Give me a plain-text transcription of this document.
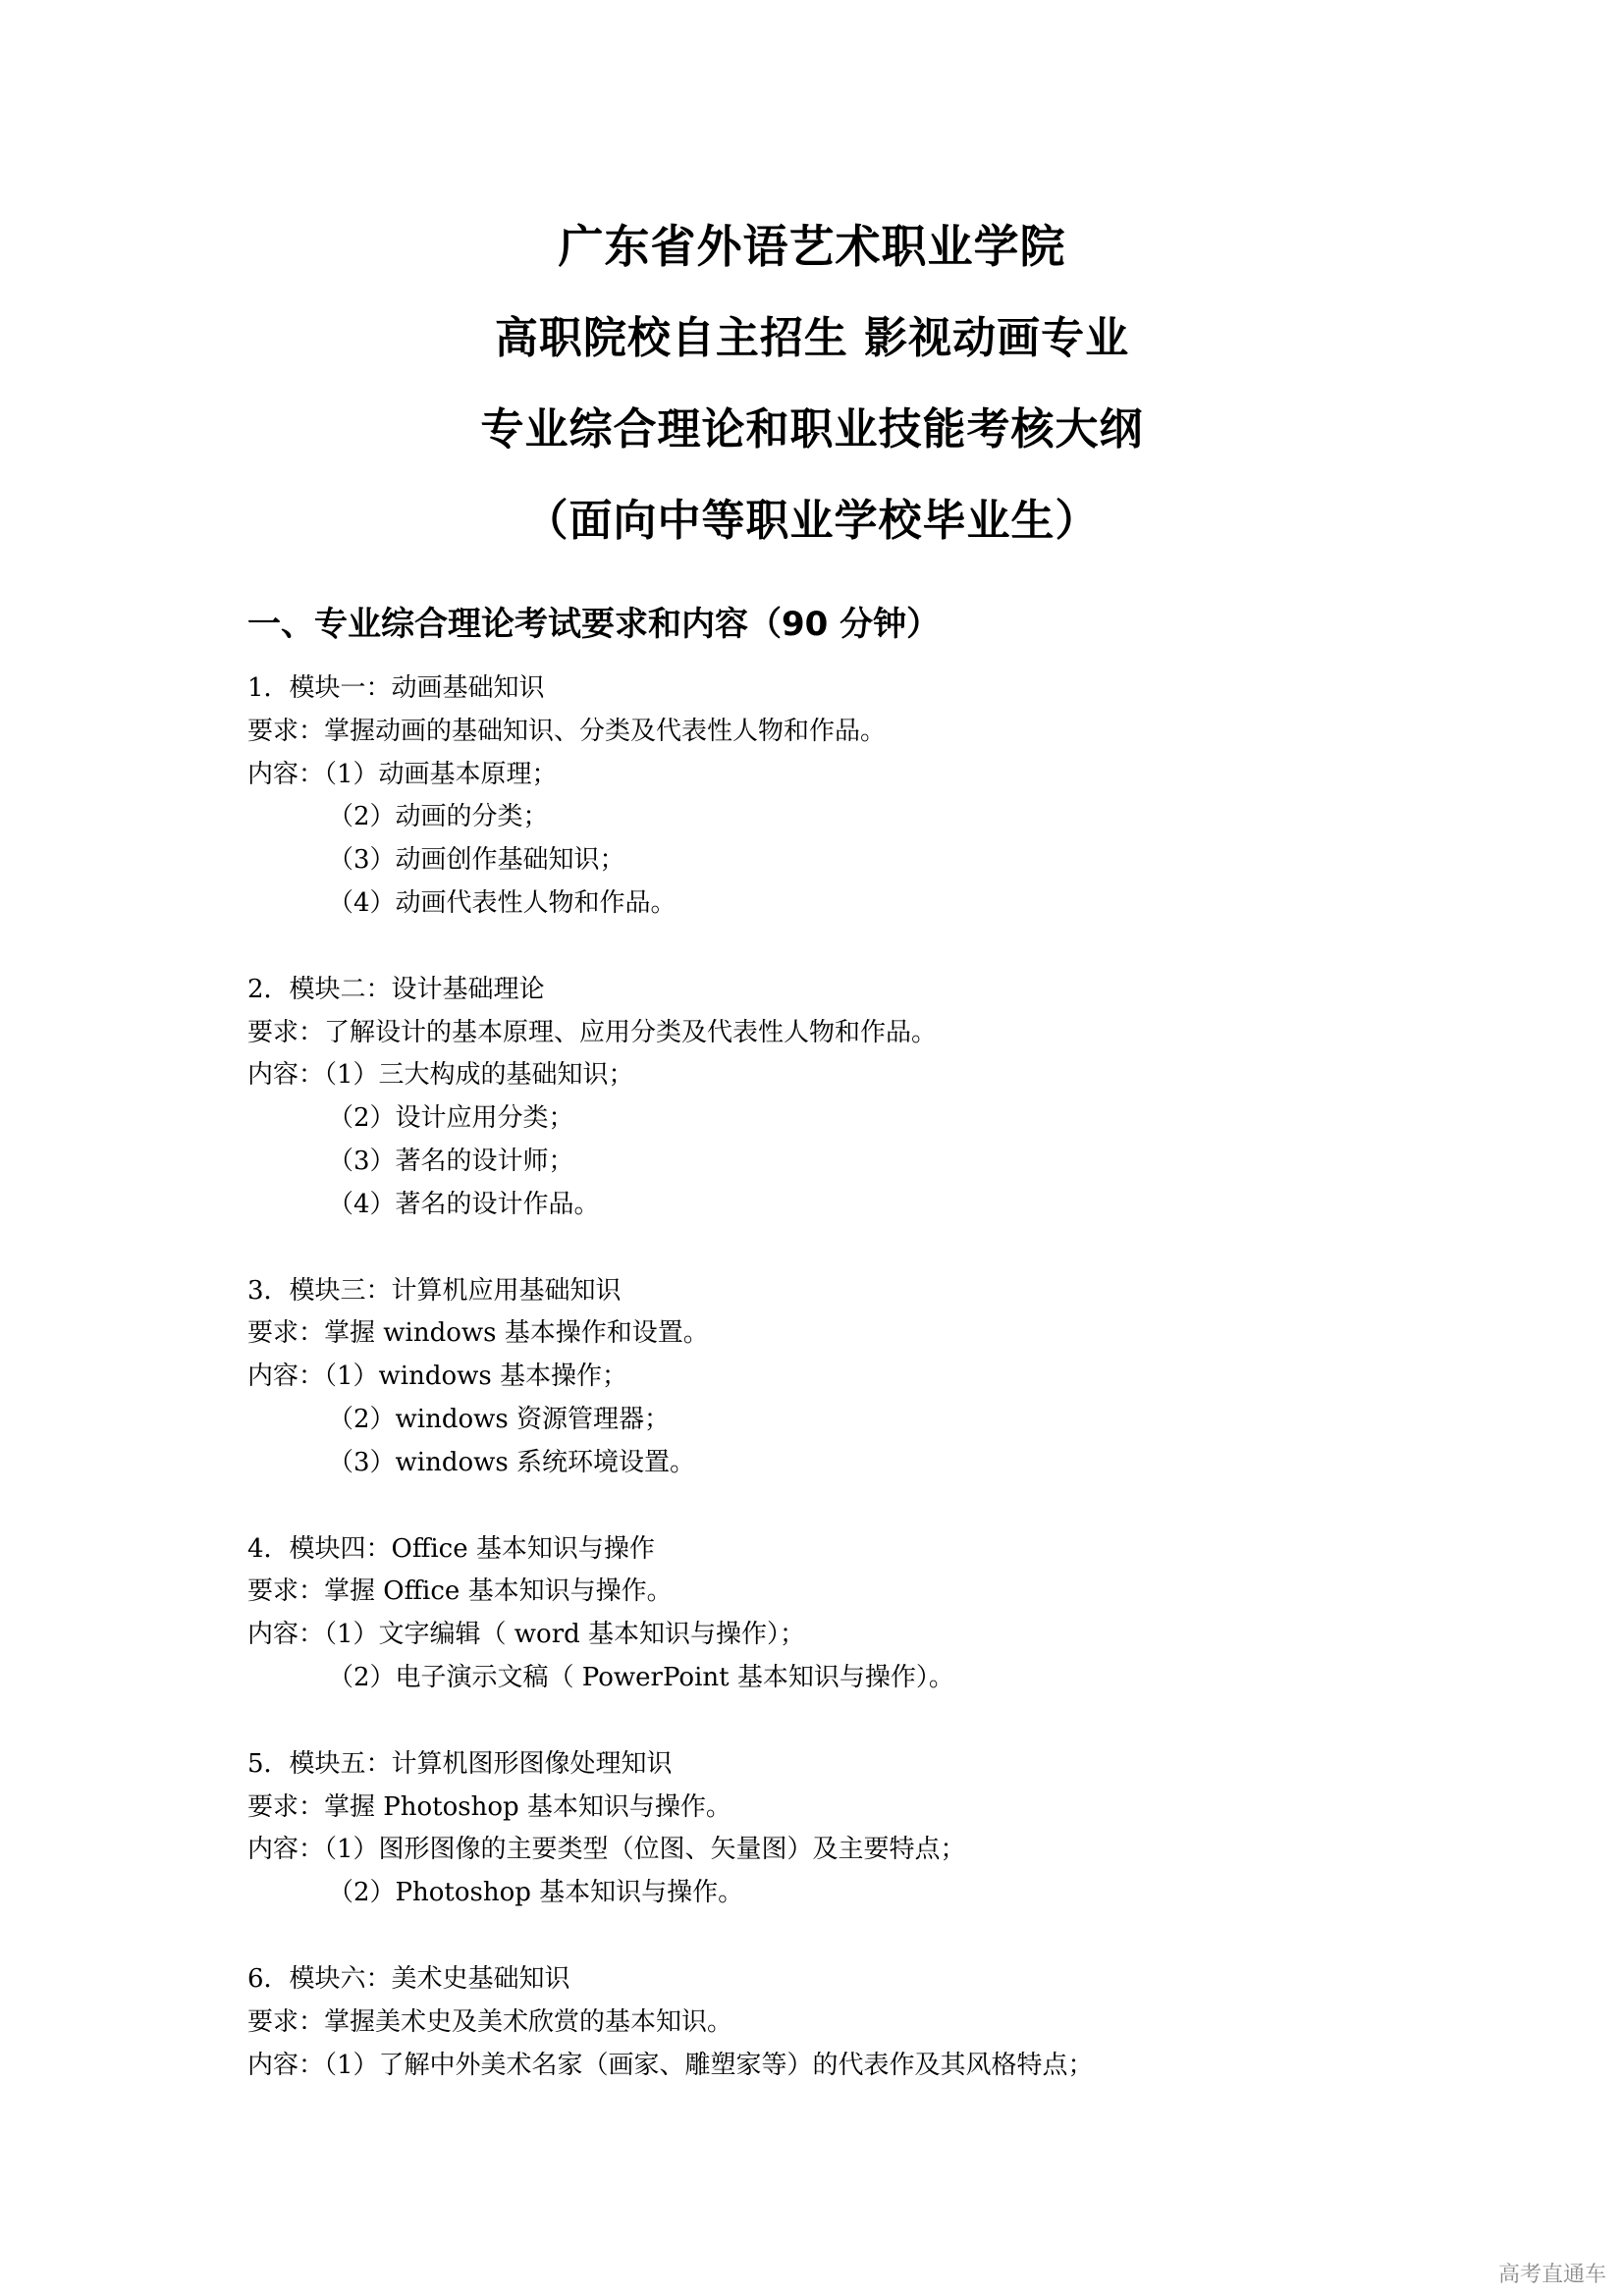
广东省外语艺术职业学院
高职院校自主招生 影视动画专业
专业综合理论和职业技能考核大纲
（面向中等职业学校毕业生）
一、专业综合理论考试要求和内容（90 分钟）
1．模块一：动画基础知识
要求：掌握动画的基础知识、分类及代表性人物和作品。
内容：（1）动画基本原理；
（2）动画的分类；
（3）动画创作基础知识；
（4）动画代表性人物和作品。
2．模块二：设计基础理论
要求：了解设计的基本原理、应用分类及代表性人物和作品。
内容：（1）三大构成的基础知识；
（2）设计应用分类；
（3）著名的设计师；
（4）著名的设计作品。
3．模块三：计算机应用基础知识
要求：掌握 windows 基本操作和设置。
内容：（1）windows 基本操作；
（2）windows 资源管理器；
（3）windows 系统环境设置。
4．模块四：Office 基本知识与操作
要求：掌握 Office 基本知识与操作。
内容：（1）文字编辑（ word 基本知识与操作）；
（2）电子演示文稿（ PowerPoint 基本知识与操作）。
5．模块五：计算机图形图像处理知识
要求：掌握 Photoshop 基本知识与操作。
内容：（1）图形图像的主要类型（位图、矢量图）及主要特点；
（2）Photoshop 基本知识与操作。
6．模块六：美术史基础知识
要求：掌握美术史及美术欣赏的基本知识。
内容：（1）了解中外美术名家（画家、雕塑家等）的代表作及其风格特点；
高考直通车
